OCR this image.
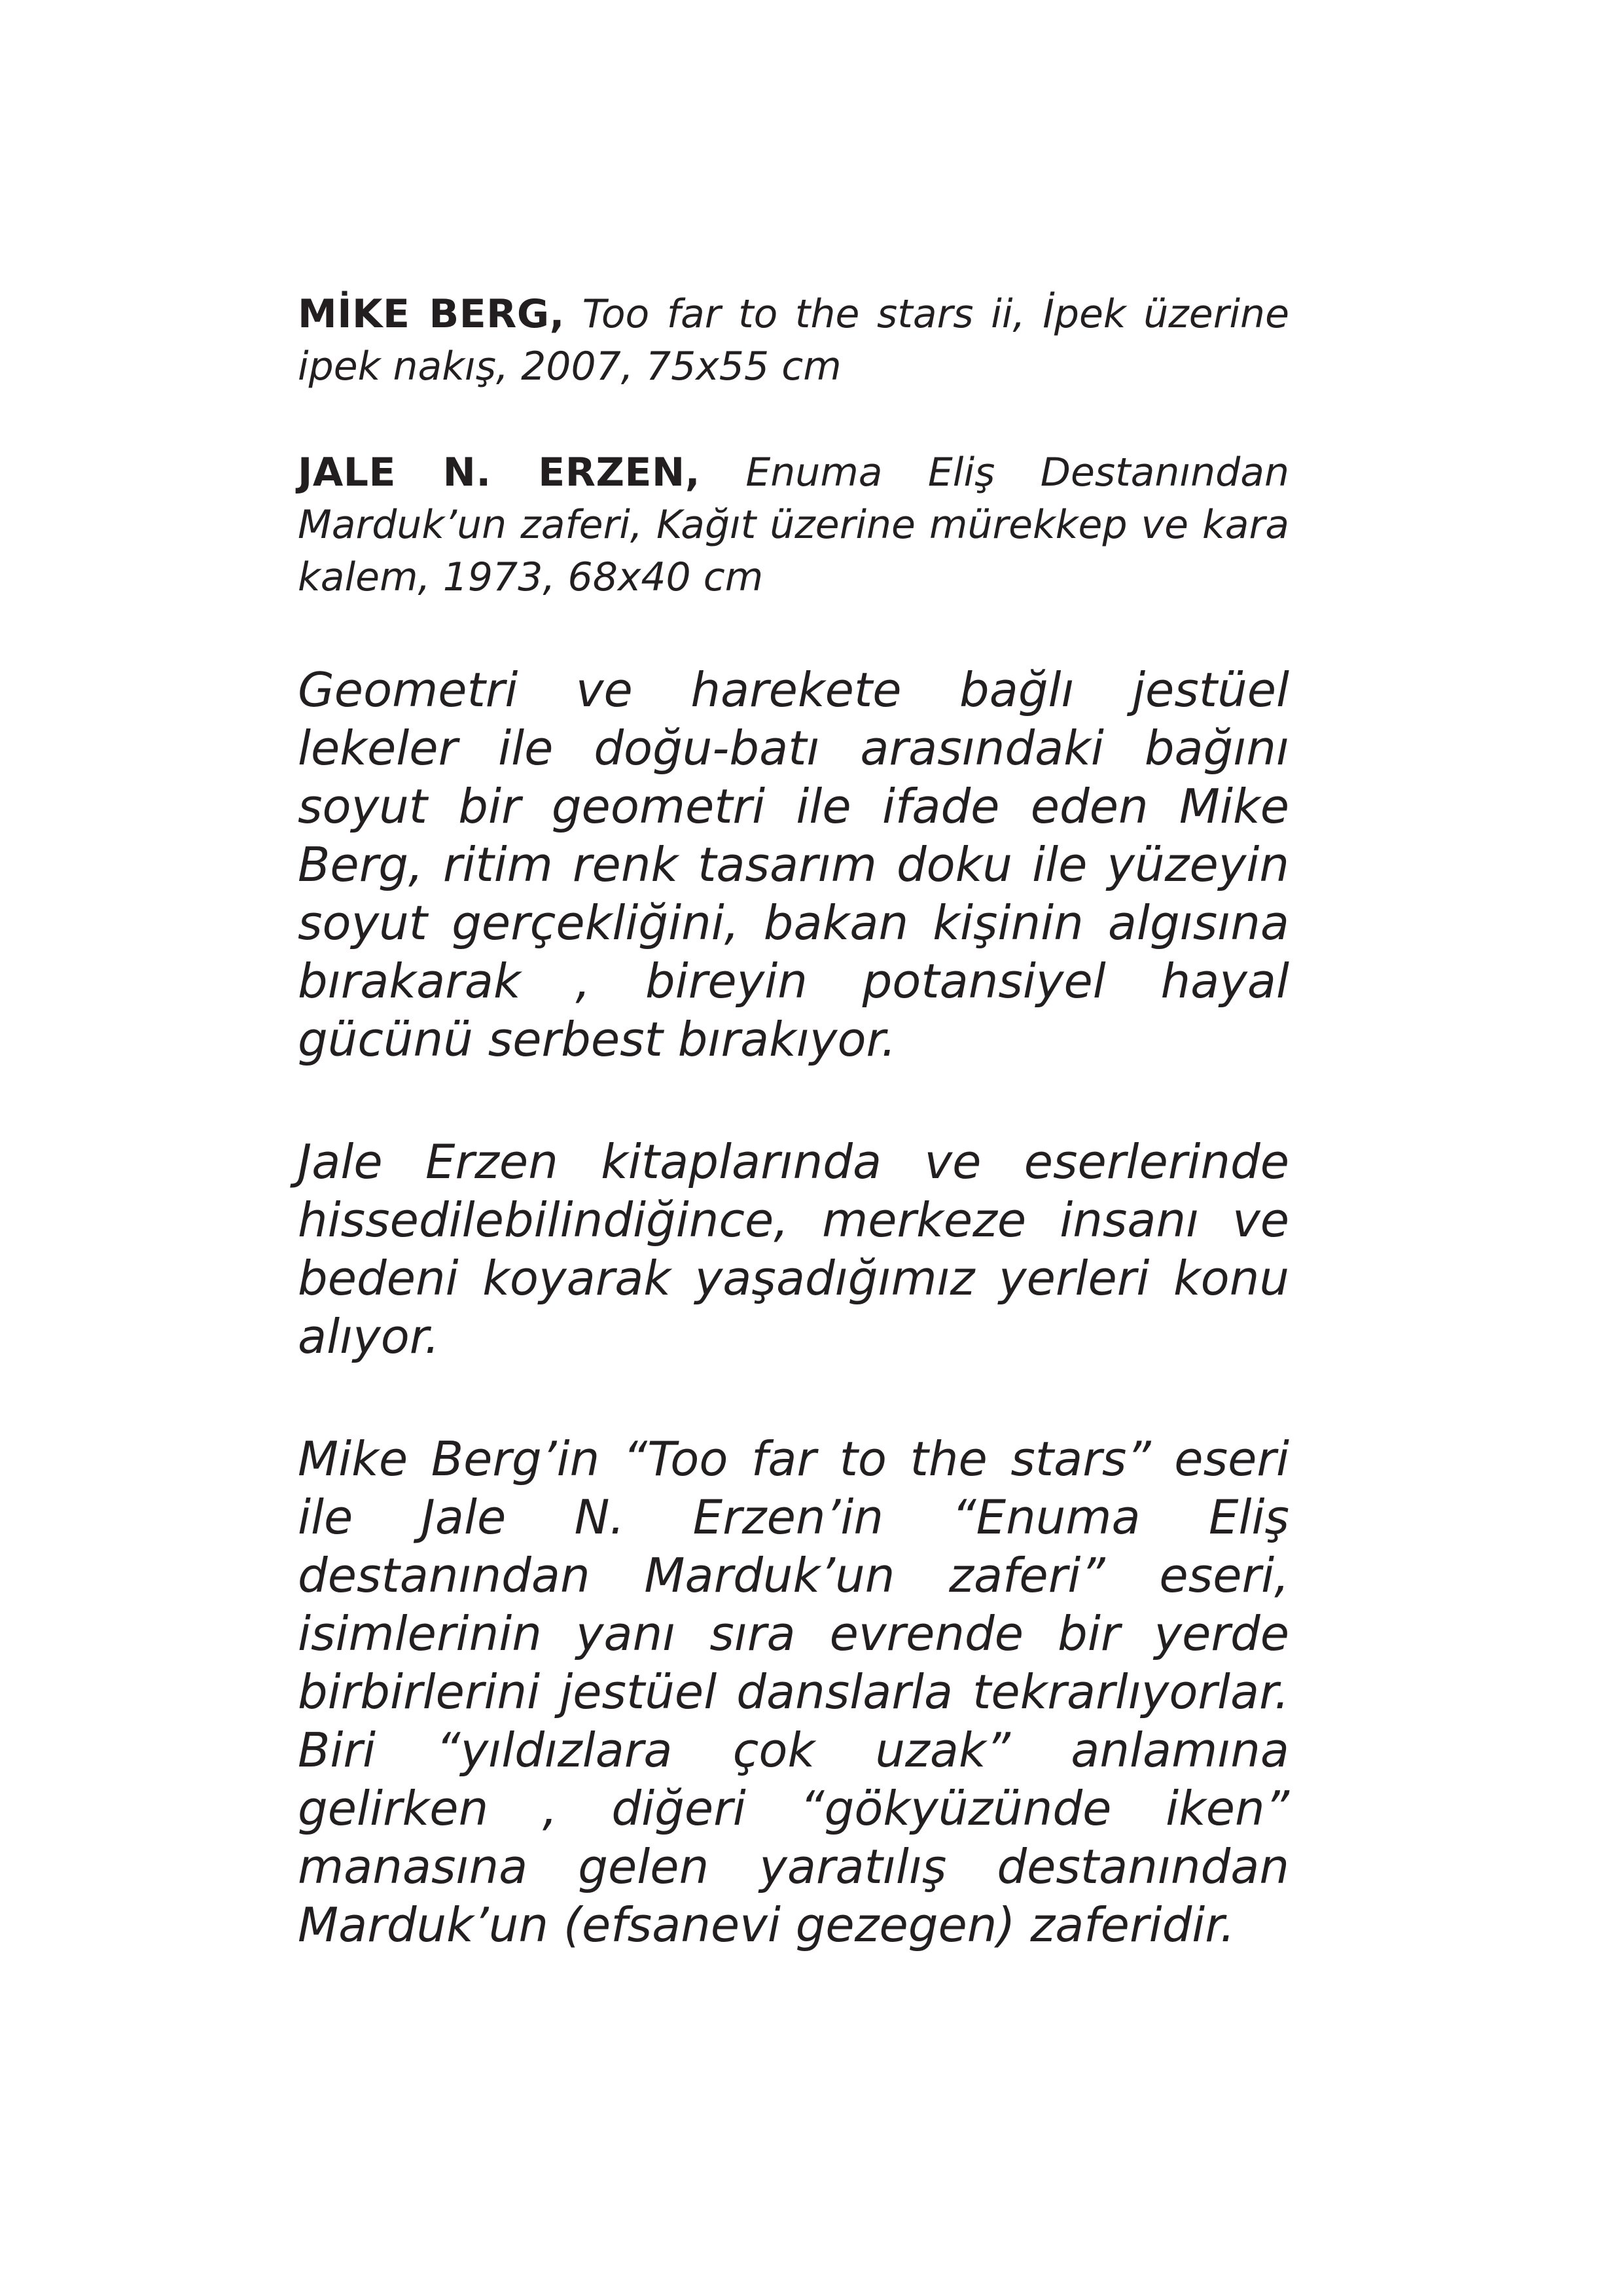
MİKE BERG, Too far to the stars ii, İpek üzerine ipek nakış, 2007, 75x55 cm

JALE N. ERZEN, Enuma Eliş Destanından Marduk’un zaferi, Kağıt üzerine mürekkep ve kara kalem, 1973, 68x40 cm

Geometri ve harekete bağlı jestüel lekeler ile doğu-batı arasındaki bağını soyut bir geometri ile ifade eden Mike Berg, ritim renk tasarım doku ile yüzeyin soyut gerçekliğini, bakan kişinin algısına bırakarak , bireyin potansiyel hayal gücünü serbest bırakıyor.

Jale Erzen kitaplarında ve eserlerinde hissedilebilindiğince, merkeze insanı ve bedeni koyarak yaşadığımız yerleri konu alıyor.

Mike Berg’in “Too far to the stars” eseri ile Jale N. Erzen’in “Enuma Eliş destanından Marduk’un zaferi” eseri, isimlerinin yanı sıra evrende bir yerde birbirlerini jestüel danslarla tekrarlıyorlar. Biri “yıldızlara çok uzak” anlamına gelirken , diğeri “gökyüzünde iken” manasına gelen yaratılış destanından Marduk’un (efsanevi gezegen) zaferidir.
